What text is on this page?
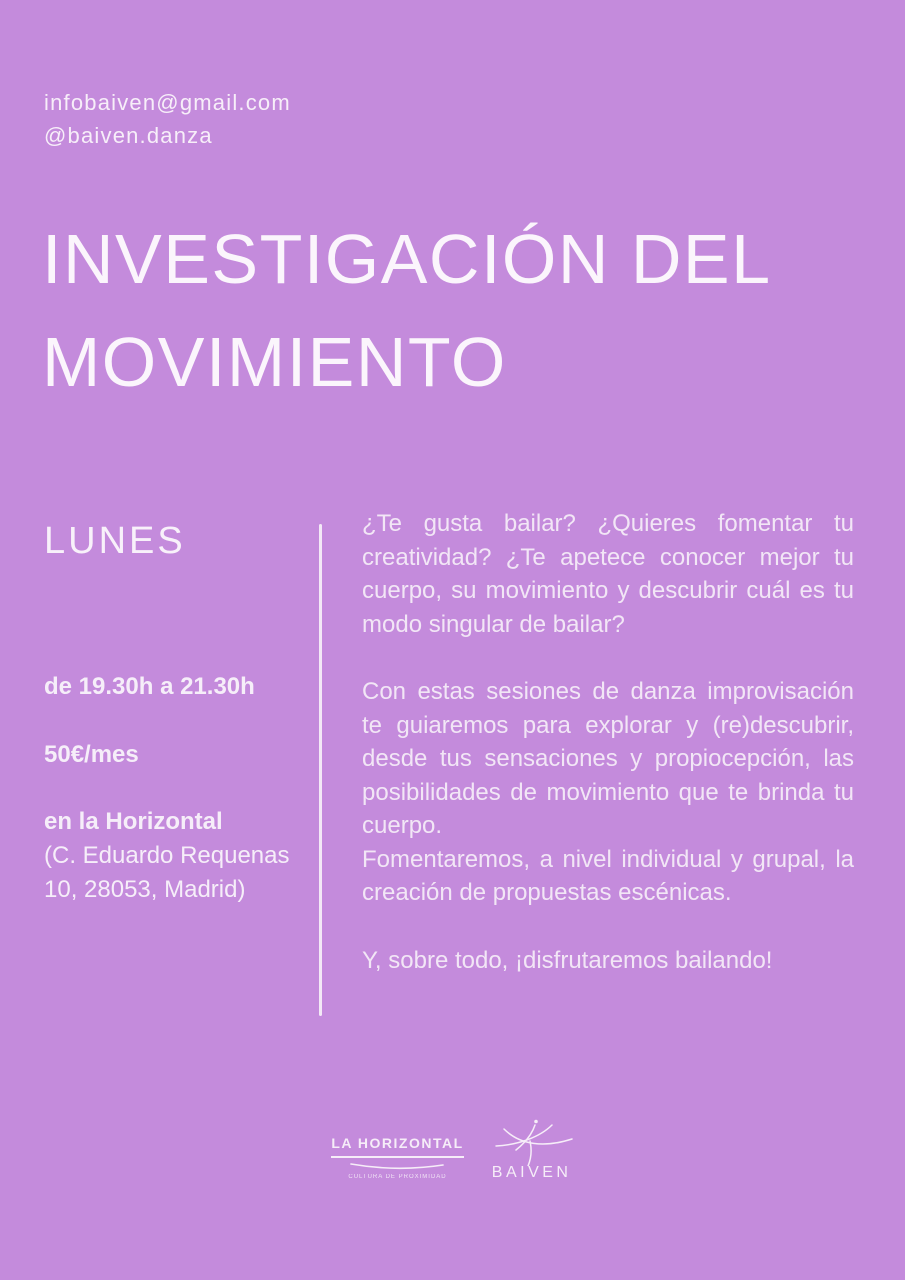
infobaiven@gmail.com
@baiven.danza
INVESTIGACIÓN DEL
MOVIMIENTO
LUNES
de 19.30h a 21.30h
50€/mes
en la Horizontal
(C. Eduardo Requenas 10, 28053, Madrid)

¿Te gusta bailar? ¿Quieres fomentar tu creatividad? ¿Te apetece conocer mejor tu cuerpo, su movimiento y descubrir cuál es tu modo singular de bailar?

Con estas sesiones de danza improvisación te guiaremos para explorar y (re)descubrir, desde tus sensaciones y propiocepción, las posibilidades de movimiento que te brinda tu cuerpo.

Fomentaremos, a nivel individual y grupal, la creación de propuestas escénicas.

Y, sobre todo, ¡disfrutaremos bailando!

LA HORIZONTAL
CULTURA DE PROXIMIDAD	BAIVEN
